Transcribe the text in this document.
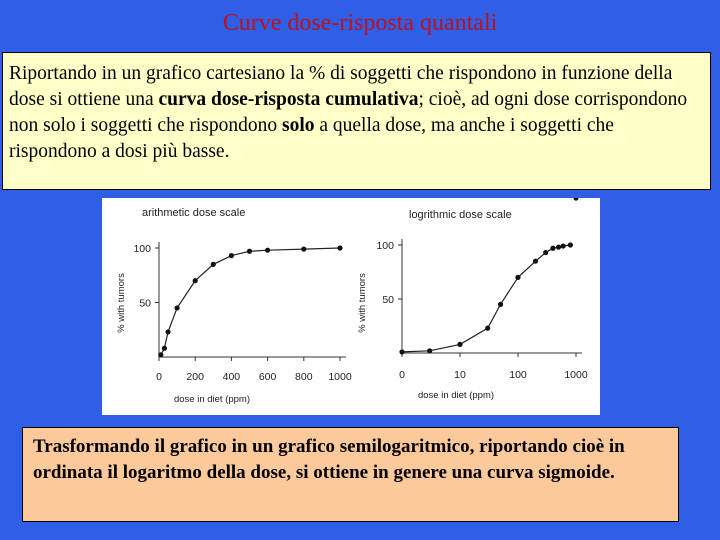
Curve dose-risposta quantali
Riportando in un grafico cartesiano la % di soggetti che rispondono in funzione della dose si ottiene una curva dose-risposta cumulativa; cioè, ad ogni dose corrispondono non solo i soggetti che rispondono solo a quella dose, ma anche i soggetti che rispondono a dosi più basse.
arithmetic dose scale
50
100
0 200 400 600 800 1000
% with tumors
dose in diet (ppm)
logrithmic dose scale
50
100
0	10	100	1000
% with tumors
dose in diet (ppm)
Trasformando il grafico in un grafico semilogaritmico, riportando cioè in ordinata il logaritmo della dose, si ottiene in genere una curva sigmoide.
